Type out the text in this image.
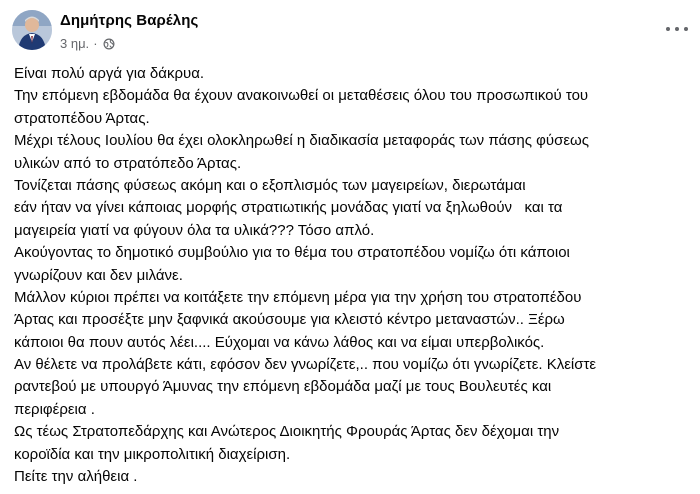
Δημήτρης Βαρέλης
3 ημ. ·
Είναι πολύ αργά για δάκρυα.
Την επόμενη εβδομάδα θα έχουν ανακοινωθεί οι μεταθέσεις όλου του προσωπικού του
στρατοπέδου Άρτας.
Μέχρι τέλους Ιουλίου θα έχει ολοκληρωθεί η διαδικασία μεταφοράς των πάσης φύσεως
υλικών από το στρατόπεδο Άρτας.
Τονίζεται πάσης φύσεως ακόμη και ο εξοπλισμός των μαγειρείων, διερωτάμαι
εάν ήταν να γίνει κάποιας μορφής στρατιωτικής μονάδας γιατί να ξηλωθούν   και τα
μαγειρεία γιατί να φύγουν όλα τα υλικά??? Τόσο απλό.
Ακούγοντας το δημοτικό συμβούλιο για το θέμα του στρατοπέδου νομίζω ότι κάποιοι
γνωρίζουν και δεν μιλάνε.
Μάλλον κύριοι πρέπει να κοιτάξετε την επόμενη μέρα για την χρήση του στρατοπέδου
Άρτας και προσέξτε μην ξαφνικά ακούσουμε για κλειστό κέντρο μεταναστών.. Ξέρω
κάποιοι θα πουν αυτός λέει.... Εύχομαι να κάνω λάθος και να είμαι υπερβολικός.
Αν θέλετε να προλάβετε κάτι, εφόσον δεν γνωρίζετε,.. που νομίζω ότι γνωρίζετε. Κλείστε
ραντεβού με υπουργό Άμυνας την επόμενη εβδομάδα μαζί με τους Βουλευτές και
περιφέρεια .
Ως τέως Στρατοπεδάρχης και Ανώτερος Διοικητής Φρουράς Άρτας δεν δέχομαι την
κοροϊδία και την μικροπολιτική διαχείριση.
Πείτε την αλήθεια .
